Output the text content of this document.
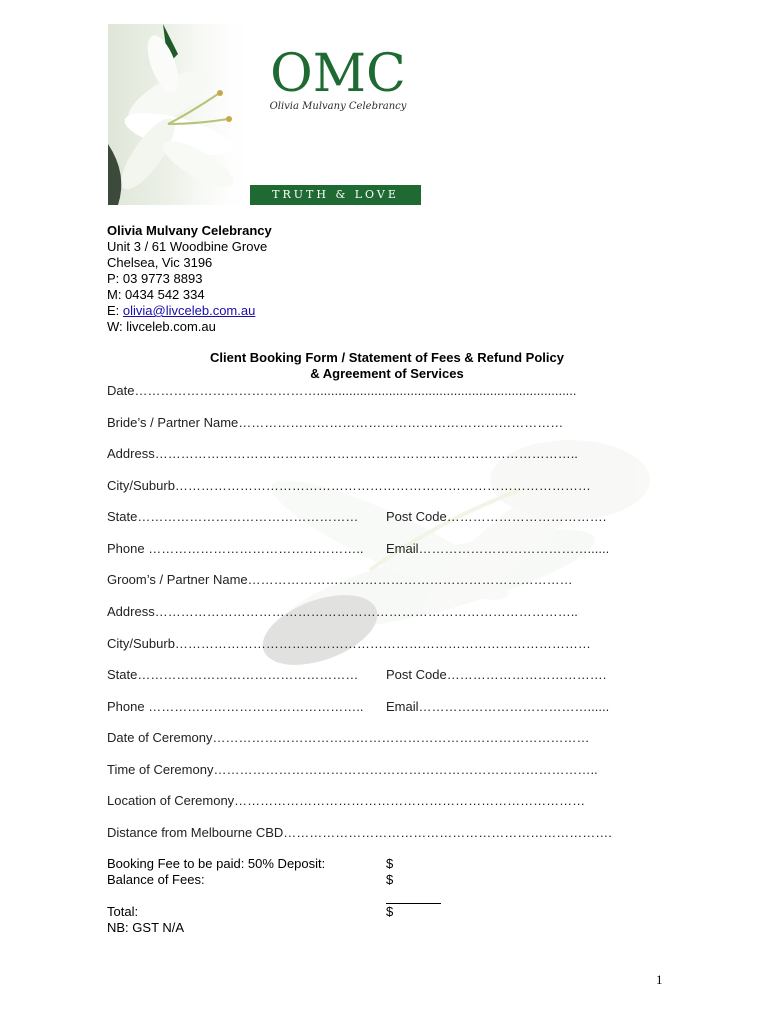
OMC
Olivia Mulvany Celebrancy
TRUTH & LOVE
Olivia Mulvany Celebrancy
Unit 3 / 61 Woodbine Grove
Chelsea, Vic 3196
P: 03 9773 8893
M: 0434 542 334
E: olivia@livceleb.com.au
W: livceleb.com.au
Client Booking Form / Statement of Fees & Refund Policy
& Agreement of Services
Date……………………………………........................................................................
Bride’s / Partner Name…………………………………………………………………
Address……………………………………………………………………………………..
City/Suburb……………………………………………………………………………………
State……………………………………………	Post Code……………………………….
Phone …………………………………………..	Email…………………………………......
Groom’s / Partner Name…………………………………………………………………
Address……………………………………………………………………………………..
City/Suburb……………………………………………………………………………………
State……………………………………………	Post Code……………………………….
Phone …………………………………………..	Email…………………………………......
Date of Ceremony……………………………………………………………………………
Time of Ceremony……………………………………………………………………………..
Location of Ceremony………………………………………………………………………
Distance from Melbourne CBD………………………………………………………………….
Booking Fee to be paid: 50% Deposit:	$
Balance of Fees:	$
Total:	$
NB: GST N/A
1
